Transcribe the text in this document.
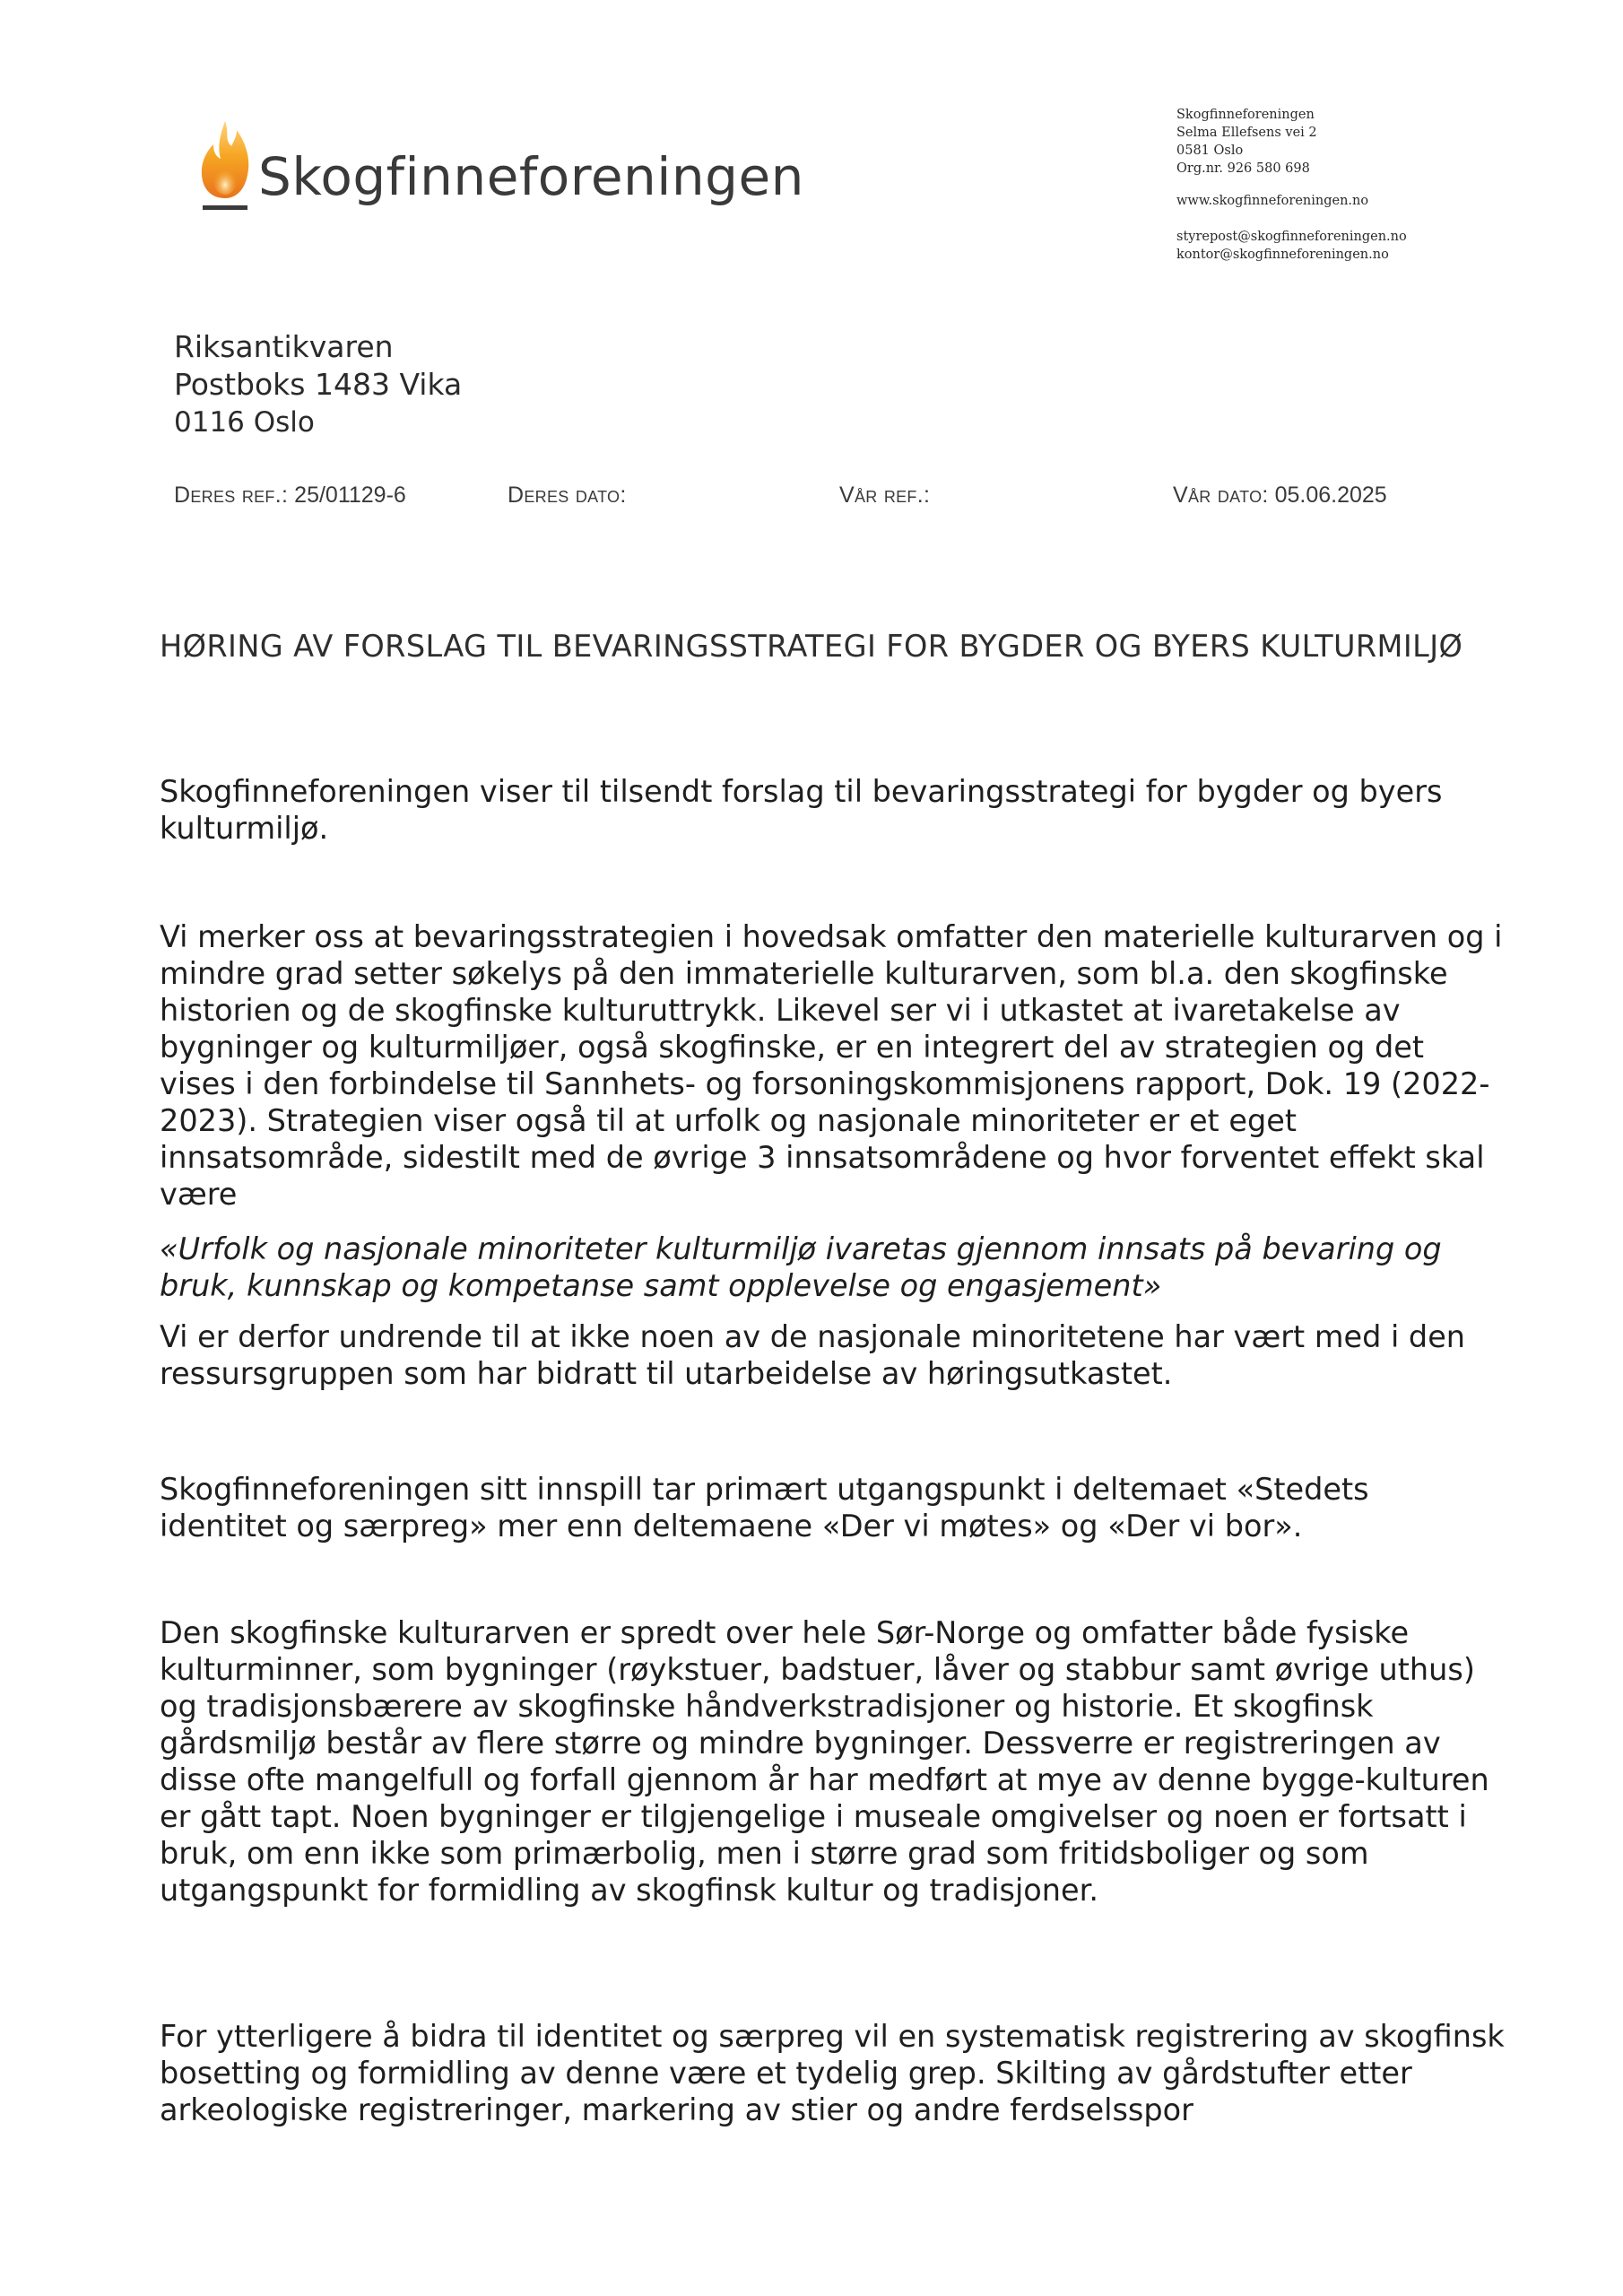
Skogfinneforeningen
Skogfinneforeningen
Selma Ellefsens vei 2
0581 Oslo
Org.nr. 926 580 698
www.skogfinneforeningen.no
styrepost@skogfinneforeningen.no
kontor@skogfinneforeningen.no
Riksantikvaren
Postboks 1483 Vika
0116 Oslo
Deres ref.: 25/01129-6	Deres dato:	Vår ref.:	Vår dato: 05.06.2025
HØRING AV FORSLAG TIL BEVARINGSSTRATEGI FOR BYGDER OG BYERS KULTURMILJØ
Skogfinneforeningen viser til tilsendt forslag til bevaringsstrategi for bygder og byers kulturmiljø.
Vi merker oss at bevaringsstrategien i hovedsak omfatter den materielle kulturarven og i mindre grad setter søkelys på den immaterielle kulturarven, som bl.a. den skogfinske historien og de skogfinske kulturuttrykk. Likevel ser vi i utkastet at ivaretakelse av bygninger og kulturmiljøer, også skogfinske, er en integrert del av strategien og det vises i den forbindelse til Sannhets- og forsoningskommisjonens rapport, Dok. 19 (2022-2023). Strategien viser også til at urfolk og nasjonale minoriteter er et eget innsatsområde, sidestilt med de øvrige 3 innsatsområdene og hvor forventet effekt skal være
«Urfolk og nasjonale minoriteter kulturmiljø ivaretas gjennom innsats på bevaring og bruk, kunnskap og kompetanse samt opplevelse og engasjement»
Vi er derfor undrende til at ikke noen av de nasjonale minoritetene har vært med i den ressursgruppen som har bidratt til utarbeidelse av høringsutkastet.
Skogfinneforeningen sitt innspill tar primært utgangspunkt i deltemaet «Stedets identitet og særpreg» mer enn deltemaene «Der vi møtes» og «Der vi bor».
Den skogfinske kulturarven er spredt over hele Sør-Norge og omfatter både fysiske kulturminner, som bygninger (røykstuer, badstuer, låver og stabbur samt øvrige uthus) og tradisjonsbærere av skogfinske håndverkstradisjoner og historie. Et skogfinsk gårdsmiljø består av flere større og mindre bygninger. Dessverre er registreringen av disse ofte mangelfull og forfall gjennom år har medført at mye av denne bygge-kulturen er gått tapt. Noen bygninger er tilgjengelige i museale omgivelser og noen er fortsatt i bruk, om enn ikke som primærbolig, men i større grad som fritidsboliger og som utgangspunkt for formidling av skogfinsk kultur og tradisjoner.
For ytterligere å bidra til identitet og særpreg vil en systematisk registrering av skogfinsk bosetting og formidling av denne være et tydelig grep. Skilting av gårdstufter etter arkeologiske registreringer, markering av stier og andre ferdselsspor
